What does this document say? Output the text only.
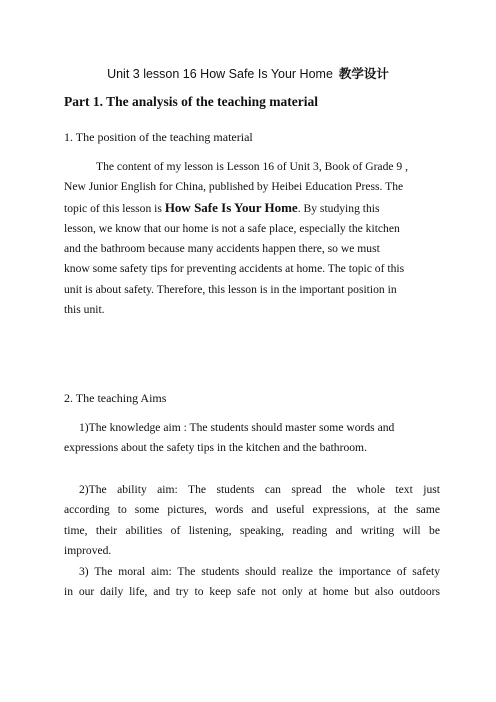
Unit 3 lesson 16 How Safe Is Your Home 教学设计
Part 1. The analysis of the teaching material
1. The position of the teaching material
The content of my lesson is Lesson 16 of Unit 3, Book of Grade 9 ,
New Junior English for China, published by Heibei Education Press. The
topic of this lesson is How Safe Is Your Home. By studying this
lesson, we know that our home is not a safe place, especially the kitchen
and the bathroom because many accidents happen there, so we must
know some safety tips for preventing accidents at home. The topic of this
unit is about safety. Therefore, this lesson is in the important position in
this unit.
2. The teaching Aims
1)The knowledge aim : The students should master some words and
expressions about the safety tips in the kitchen and the bathroom.
2)The ability aim: The students can spread the whole text just
according to some pictures, words and useful expressions, at the same
time, their abilities of listening, speaking, reading and writing will be
improved.
3) The moral aim: The students should realize the importance of safety
in our daily life, and try to keep safe not only at home but also outdoors
